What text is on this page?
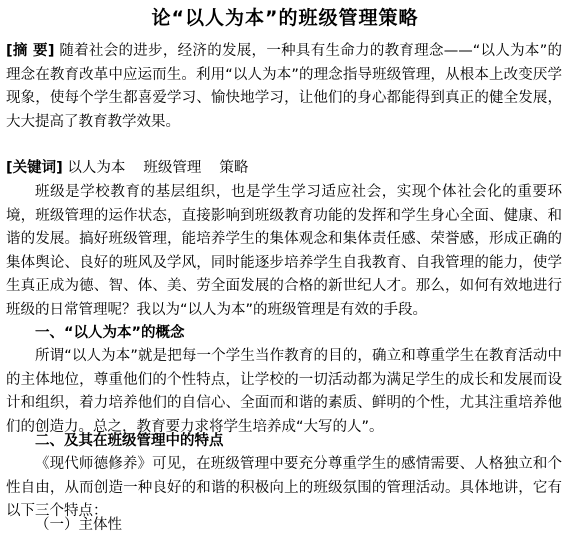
论“以人为本”的班级管理策略

[摘 要] 随着社会的进步，经济的发展，一种具有生命力的教育理念——“以人为本”的理念在教育改革中应运而生。利用“以人为本”的理念指导班级管理，从根本上改变厌学现象，使每个学生都喜爱学习、愉快地学习，让他们的身心都能得到真正的健全发展，大大提高了教育教学效果。

[关键词] 以人为本 班级管理 策略

班级是学校教育的基层组织，也是学生学习适应社会，实现个体社会化的重要环境，班级管理的运作状态，直接影响到班级教育功能的发挥和学生身心全面、健康、和谐的发展。搞好班级管理，能培养学生的集体观念和集体责任感、荣誉感，形成正确的集体舆论、良好的班风及学风，同时能逐步培养学生自我教育、自我管理的能力，使学生真正成为德、智、体、美、劳全面发展的合格的新世纪人才。那么，如何有效地进行班级的日常管理呢？我以为“以人为本”的班级管理是有效的手段。

一、“以人为本”的概念

所谓“以人为本”就是把每一个学生当作教育的目的，确立和尊重学生在教育活动中的主体地位，尊重他们的个性特点，让学校的一切活动都为满足学生的成长和发展而设计和组织，着力培养他们的自信心、全面而和谐的素质、鲜明的个性，尤其注重培养他们的创造力。总之，教育要力求将学生培养成“大写的人”。

二、及其在班级管理中的特点

《现代师德修养》可见，在班级管理中要充分尊重学生的感情需要、人格独立和个性自由，从而创造一种良好的和谐的积极向上的班级氛围的管理活动。具体地讲，它有以下三个特点：

（一）主体性
